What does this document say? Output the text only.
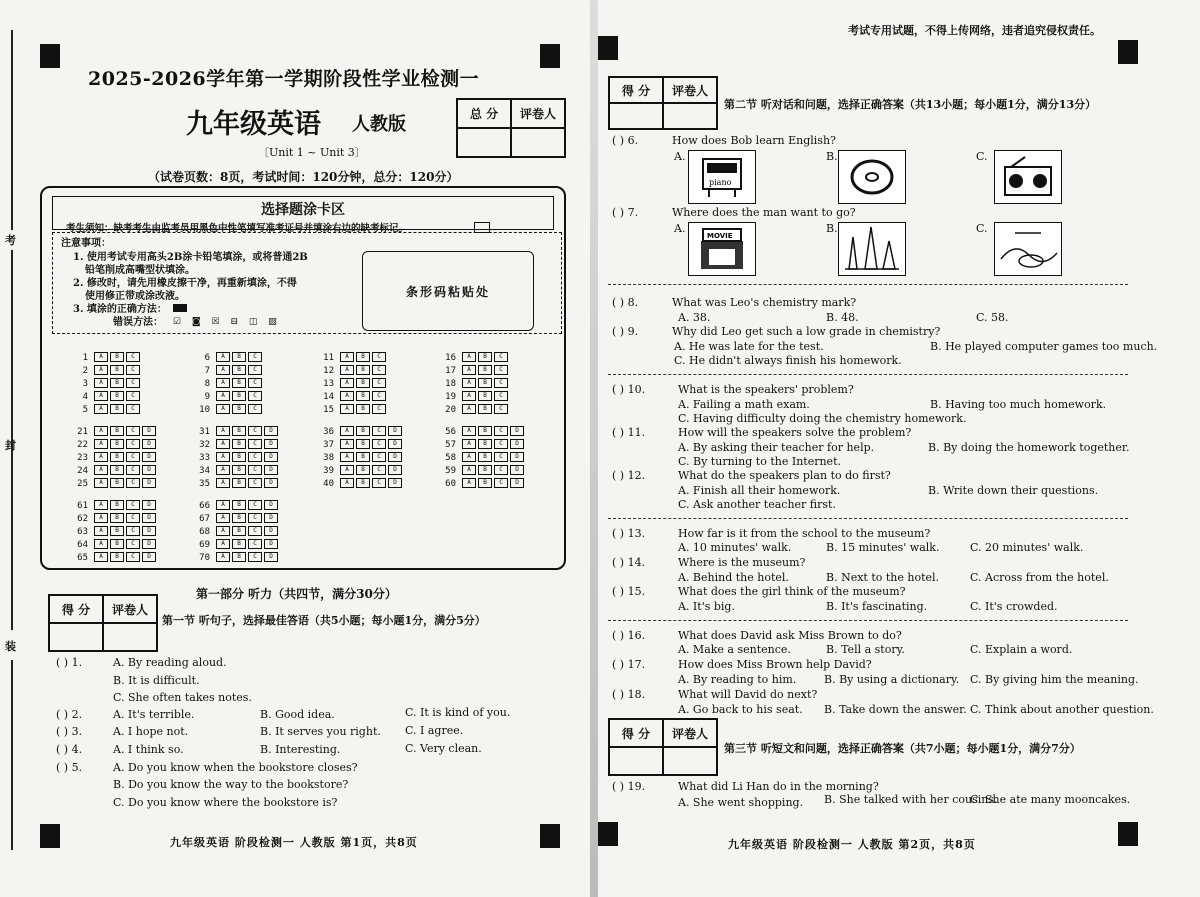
考
封
装
2025-2026学年第一学期阶段性学业检测一
九年级英语 人教版
〔Unit 1 ~ Unit 3〕
（试卷页数：8页，考试时间：120分钟，总分：120分）
总 分	评卷人
选择题涂卡区
考生须知：缺考考生由监考员用黑色中性笔填写准考证号并填涂右边的缺考标记。
注意事项：
1. 使用考试专用高头2B涂卡铅笔填涂，或将普通2B
铅笔削成高嘴型状填涂。
2. 修改时，请先用橡皮擦干净，再重新填涂，不得
使用修正带或涂改液。
3. 填涂的正确方法：
错误方法： ☑ ◙ ☒ ⊟ ◫ ▨
条形码粘贴处
1 A B C
2 A B C
3 A B C
4 A B C
5 A B C
6 A B C
7 A B C
8 A B C
9 A B C
10 A B C
11 A B C
12 A B C
13 A B C
14 A B C
15 A B C
16 A B C
17 A B C
18 A B C
19 A B C
20 A B C
21 A B C D
22 A B C D
23 A B C D
24 A B C D
25 A B C D
31 A B C D
32 A B C D
33 A B C D
34 A B C D
35 A B C D
36 A B C D
37 A B C D
38 A B C D
39 A B C D
40 A B C D
56 A B C D
57 A B C D
58 A B C D
59 A B C D
60 A B C D
61 A B C D
62 A B C D
63 A B C D
64 A B C D
65 A B C D
66 A B C D
67 A B C D
68 A B C D
69 A B C D
70 A B C D
第一部分 听力（共四节，满分30分）
得 分	评卷人
第一节 听句子，选择最佳答语（共5小题；每小题1分，满分5分）
( ) 1.	A. By reading aloud.
B. It is difficult.
C. She often takes notes.
( ) 2.	A. It's terrible.	B. Good idea.	C. It is kind of you.
( ) 3.	A. I hope not.	B. It serves you right. C. I agree.
( ) 4.	A. I think so.	B. Interesting.	C. Very clean.
( ) 5.	A. Do you know when the bookstore closes?
B. Do you know the way to the bookstore?
C. Do you know where the bookstore is?
九年级英语 阶段检测一 人教版 第1页，共8页
考试专用试题，不得上传网络，违者追究侵权责任。
得 分	评卷人
第二节 听对话和问题，选择正确答案（共13小题；每小题1分，满分13分）
( ) 6.	How does Bob learn English?
A.
piano
B.	C.
( ) 7.	Where does the man want to go?
A.
MOVIE
B.	C.
( ) 8.	What was Leo's chemistry mark?
A. 38.	B. 48.	C. 58.
( ) 9.	Why did Leo get such a low grade in chemistry?
A. He was late for the test.	B. He played computer games too much.
C. He didn't always finish his homework.
( ) 10.	What is the speakers' problem?
A. Failing a math exam.	B. Having too much homework.
C. Having difficulty doing the chemistry homework.
( ) 11.	How will the speakers solve the problem?
A. By asking their teacher for help.	B. By doing the homework together.
C. By turning to the Internet.
( ) 12.	What do the speakers plan to do first?
A. Finish all their homework.	B. Write down their questions.
C. Ask another teacher first.
( ) 13.	How far is it from the school to the museum?
A. 10 minutes' walk.	B. 15 minutes' walk.	C. 20 minutes' walk.
( ) 14.	Where is the museum?
A. Behind the hotel.	B. Next to the hotel.	C. Across from the hotel.
( ) 15.	What does the girl think of the museum?
A. It's big.	B. It's fascinating.	C. It's crowded.
( ) 16.	What does David ask Miss Brown to do?
A. Make a sentence.	B. Tell a story.	C. Explain a word.
( ) 17.	How does Miss Brown help David?
A. By reading to him.	B. By using a dictionary. C. By giving him the meaning.
( ) 18.	What will David do next?
A. Go back to his seat. B. Take down the answer. C. Think about another question.
得 分	评卷人
第三节 听短文和问题，选择正确答案（共7小题；每小题1分，满分7分）
( ) 19.	What did Li Han do in the morning?
A. She went shopping. B. She talked with her cousins.
C. She ate many mooncakes.
九年级英语 阶段检测一 人教版 第2页，共8页
